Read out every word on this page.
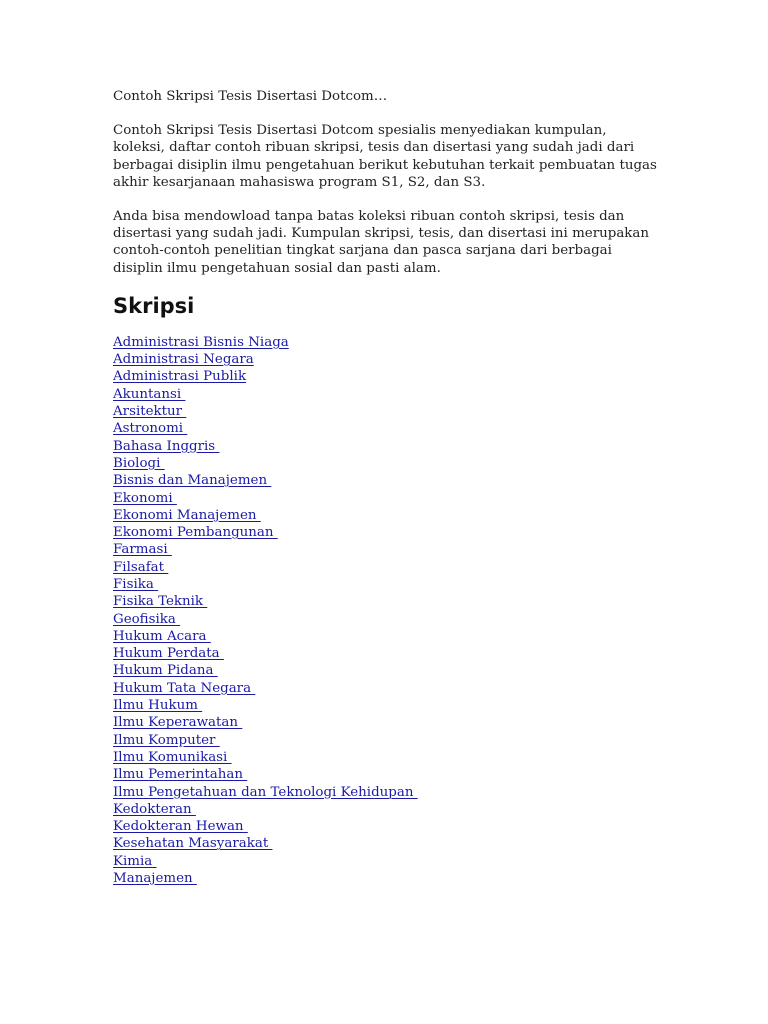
Contoh Skripsi Tesis Disertasi Dotcom…

Contoh Skripsi Tesis Disertasi Dotcom spesialis menyediakan kumpulan, koleksi, daftar contoh ribuan skripsi, tesis dan disertasi yang sudah jadi dari berbagai disiplin ilmu pengetahuan berikut kebutuhan terkait pembuatan tugas akhir kesarjanaan mahasiswa program S1, S2, dan S3.

Anda bisa mendowload tanpa batas koleksi ribuan contoh skripsi, tesis dan disertasi yang sudah jadi. Kumpulan skripsi, tesis, dan disertasi ini merupakan contoh-contoh penelitian tingkat sarjana dan pasca sarjana dari berbagai disiplin ilmu pengetahuan sosial dan pasti alam.

Skripsi
Administrasi Bisnis Niaga
Administrasi Negara
Administrasi Publik
Akuntansi
Arsitektur
Astronomi
Bahasa Inggris
Biologi
Bisnis dan Manajemen
Ekonomi
Ekonomi Manajemen
Ekonomi Pembangunan
Farmasi
Filsafat
Fisika
Fisika Teknik
Geofisika
Hukum Acara
Hukum Perdata
Hukum Pidana
Hukum Tata Negara
Ilmu Hukum
Ilmu Keperawatan
Ilmu Komputer
Ilmu Komunikasi
Ilmu Pemerintahan
Ilmu Pengetahuan dan Teknologi Kehidupan
Kedokteran
Kedokteran Hewan
Kesehatan Masyarakat
Kimia
Manajemen
